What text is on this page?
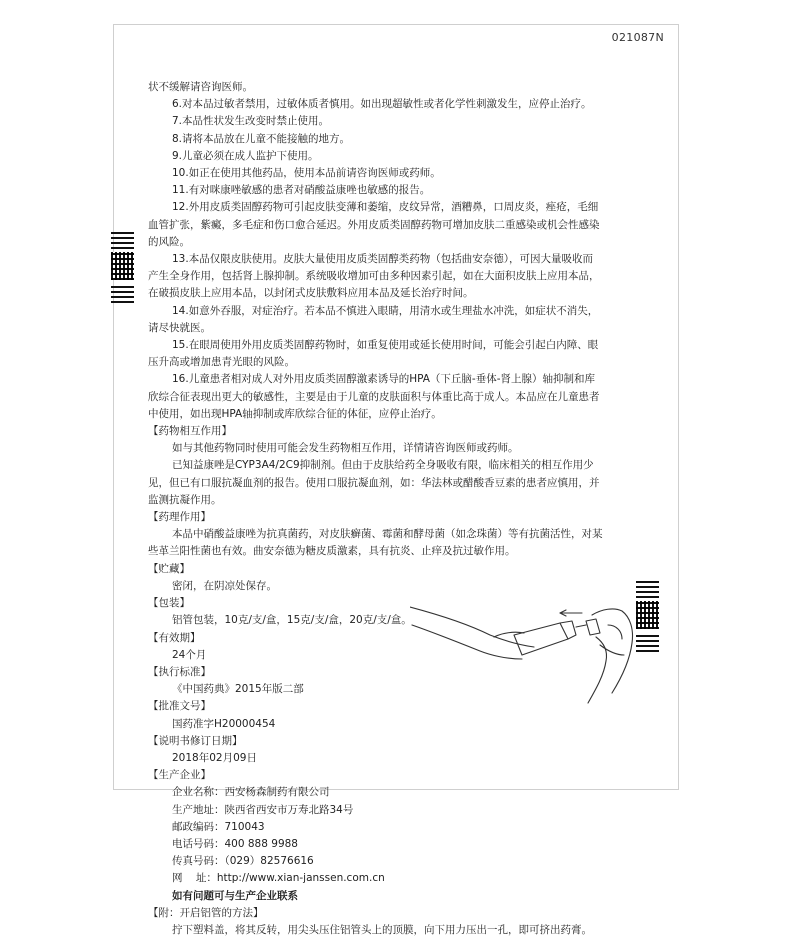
021087N

状不缓解请咨询医师。

6.对本品过敏者禁用，过敏体质者慎用。如出现超敏性或者化学性刺激发生，应停止治疗。

7.本品性状发生改变时禁止使用。

8.请将本品放在儿童不能接触的地方。

9.儿童必须在成人监护下使用。

10.如正在使用其他药品，使用本品前请咨询医师或药师。

11.有对咪康唑敏感的患者对硝酸益康唑也敏感的报告。

12.外用皮质类固醇药物可引起皮肤变薄和萎缩，皮纹异常，酒糟鼻，口周皮炎，痤疮，毛细

血管扩张，紫癜，多毛症和伤口愈合延迟。外用皮质类固醇药物可增加皮肤二重感染或机会性感染

的风险。

13.本品仅限皮肤使用。皮肤大量使用皮质类固醇类药物（包括曲安奈德），可因大量吸收而

产生全身作用，包括肾上腺抑制。系统吸收增加可由多种因素引起，如在大面积皮肤上应用本品，

在破损皮肤上应用本品，以封闭式皮肤敷料应用本品及延长治疗时间。

14.如意外吞服，对症治疗。若本品不慎进入眼睛，用清水或生理盐水冲洗，如症状不消失，

请尽快就医。

15.在眼周使用外用皮质类固醇药物时，如重复使用或延长使用时间，可能会引起白内障、眼

压升高或增加患青光眼的风险。

16.儿童患者相对成人对外用皮质类固醇激素诱导的HPA（下丘脑-垂体-肾上腺）轴抑制和库

欣综合征表现出更大的敏感性，主要是由于儿童的皮肤面积与体重比高于成人。本品应在儿童患者

中使用，如出现HPA轴抑制或库欣综合征的体征，应停止治疗。

【药物相互作用】

如与其他药物同时使用可能会发生药物相互作用，详情请咨询医师或药师。

已知益康唑是CYP3A4/2C9抑制剂。但由于皮肤给药全身吸收有限，临床相关的相互作用少

见，但已有口服抗凝血剂的报告。使用口服抗凝血剂，如：华法林或醋酸香豆素的患者应慎用，并

监测抗凝作用。

【药理作用】

本品中硝酸益康唑为抗真菌药，对皮肤癣菌、霉菌和酵母菌（如念珠菌）等有抗菌活性，对某

些革兰阳性菌也有效。曲安奈德为糖皮质激素，具有抗炎、止痒及抗过敏作用。

【贮藏】

密闭，在阴凉处保存。

【包装】

铝管包装，10克/支/盒，15克/支/盒，20克/支/盒。

【有效期】

24个月

【执行标准】

《中国药典》2015年版二部

【批准文号】

国药准字H20000454

【说明书修订日期】

2018年02月09日

【生产企业】

企业名称：西安杨森制药有限公司

生产地址：陕西省西安市万寿北路34号

邮政编码：710043

电话号码：400 888 9988

传真号码：（029）82576616

网    址：http://www.xian-janssen.com.cn

如有问题可与生产企业联系

【附：开启铝管的方法】

拧下塑料盖，将其反转，用尖头压住铝管头上的顶膜，向下用力压出一孔，即可挤出药膏。
